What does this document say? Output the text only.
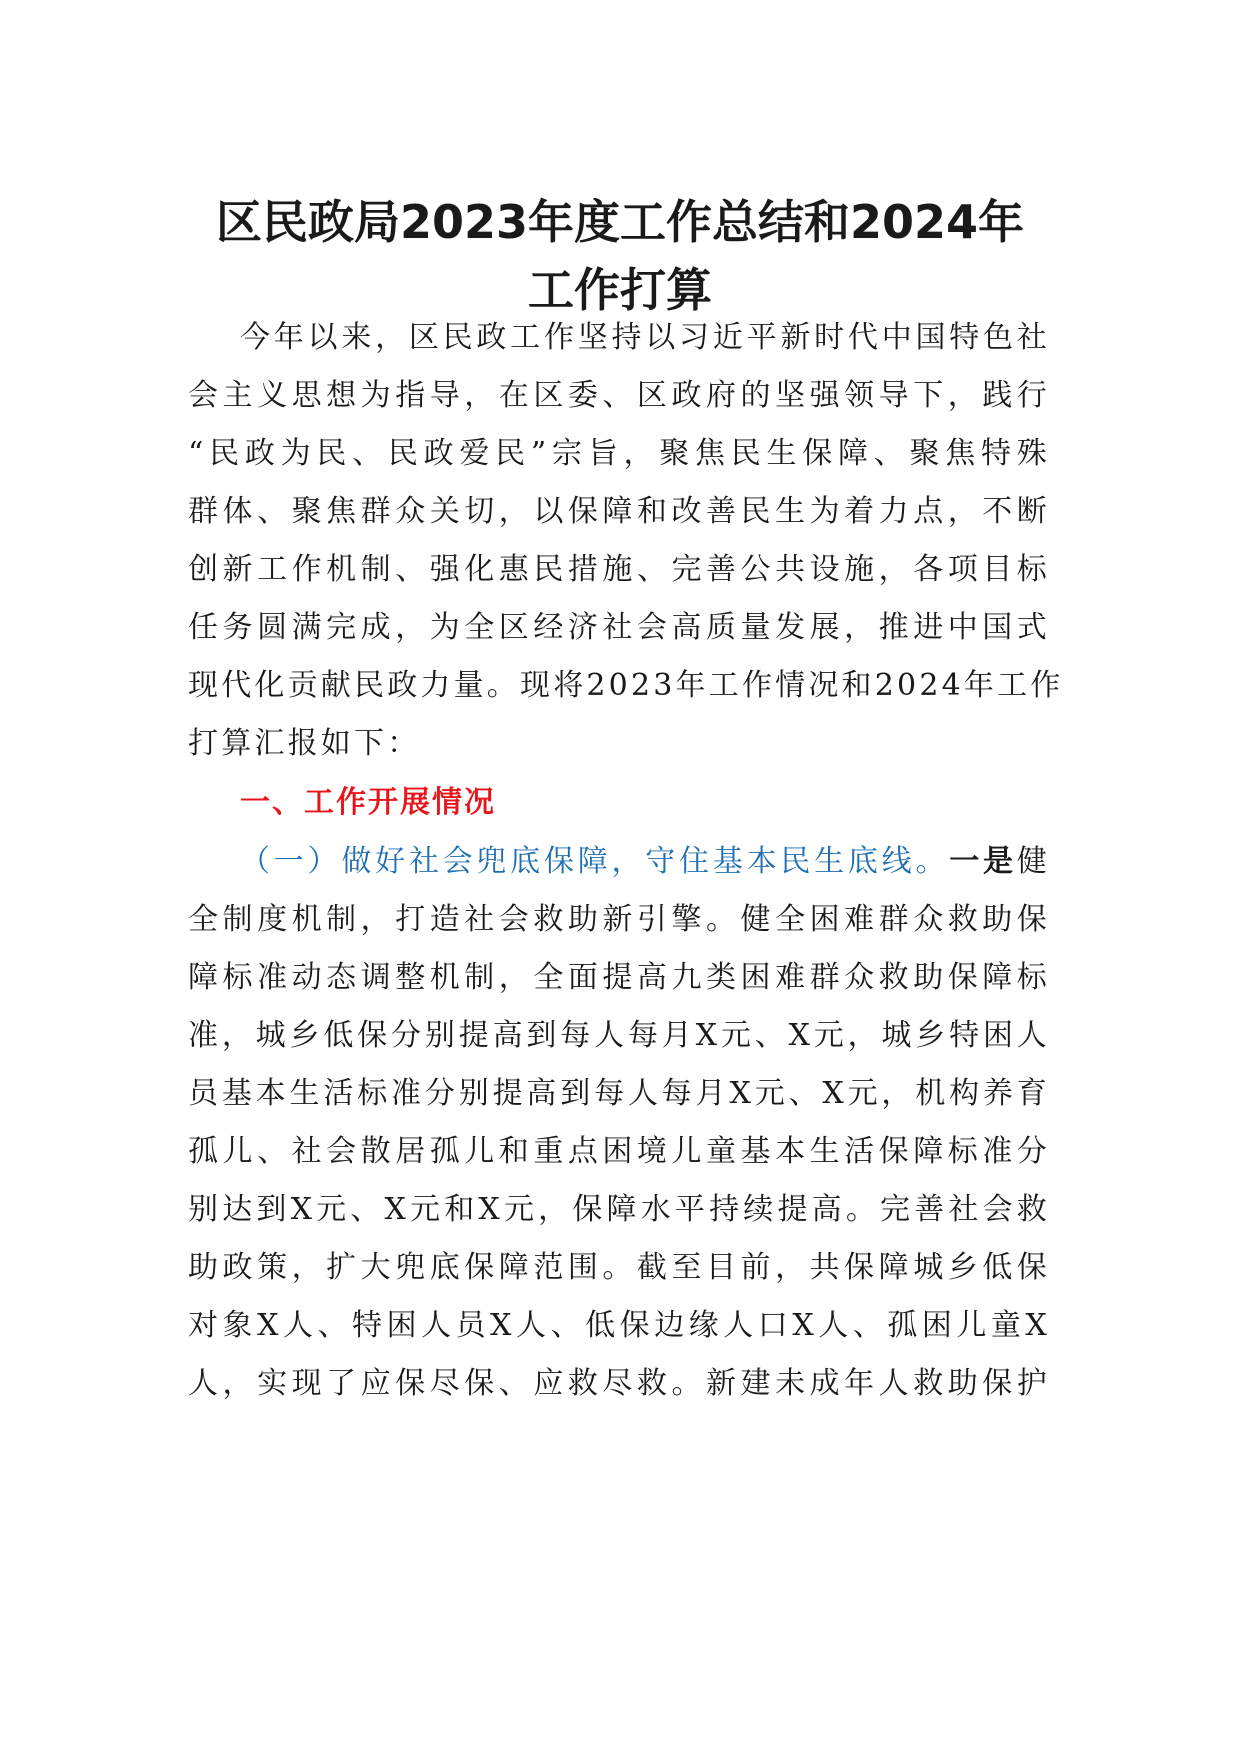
区民政局2023年度工作总结和2024年
工作打算

今年以来，区民政工作坚持以习近平新时代中国特色社

会主义思想为指导，在区委、区政府的坚强领导下，践行

“民政为民、民政爱民”宗旨，聚焦民生保障、聚焦特殊

群体、聚焦群众关切，以保障和改善民生为着力点，不断

创新工作机制、强化惠民措施、完善公共设施，各项目标

任务圆满完成，为全区经济社会高质量发展，推进中国式

现代化贡献民政力量。现将2023年工作情况和2024年工作

打算汇报如下：

一、工作开展情况

（一）做好社会兜底保障，守住基本民生底线。一是健

全制度机制，打造社会救助新引擎。健全困难群众救助保

障标准动态调整机制，全面提高九类困难群众救助保障标

准，城乡低保分别提高到每人每月X元、X元，城乡特困人

员基本生活标准分别提高到每人每月X元、X元，机构养育

孤儿、社会散居孤儿和重点困境儿童基本生活保障标准分

别达到X元、X元和X元，保障水平持续提高。完善社会救

助政策，扩大兜底保障范围。截至目前，共保障城乡低保

对象X人、特困人员X人、低保边缘人口X人、孤困儿童X

人，实现了应保尽保、应救尽救。新建未成年人救助保护
